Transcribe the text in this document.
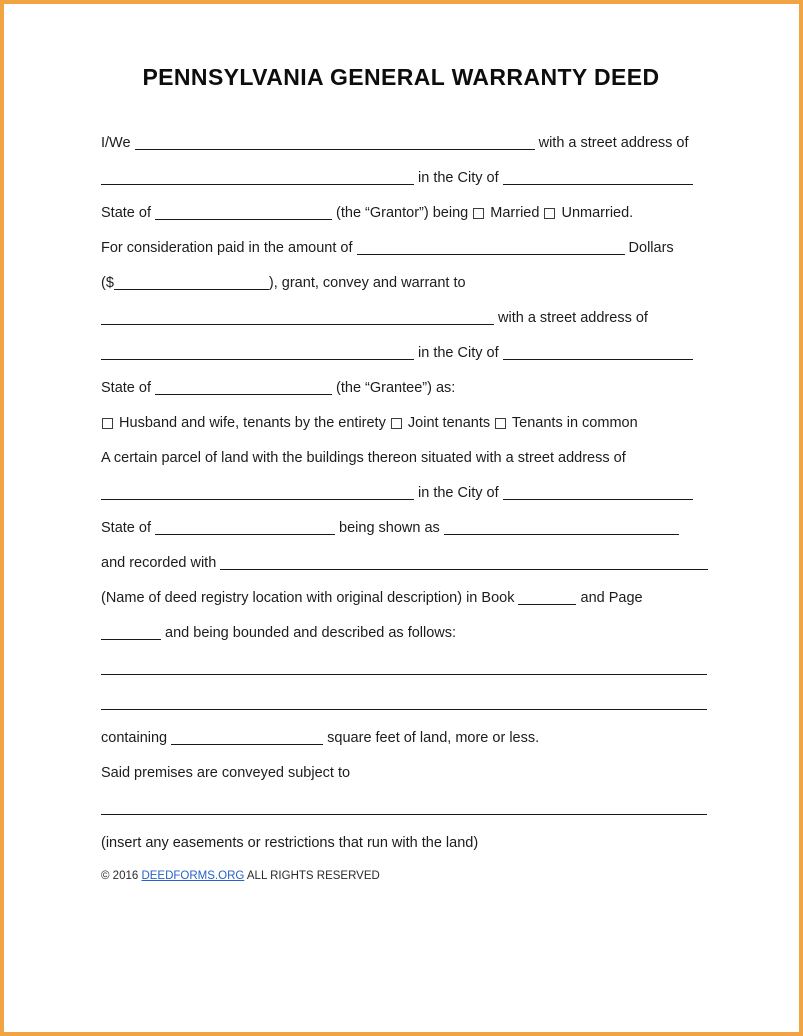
PENNSYLVANIA GENERAL WARRANTY DEED
I/We	with a street address of
in the City of
State of	(the “Grantor”) being  Married  Unmarried.
For consideration paid in the amount of	Dollars
($	), grant, convey and warrant to
with a street address of
in the City of
State of	(the “Grantee”) as:
Husband and wife, tenants by the entirety  Joint tenants  Tenants in common
A certain parcel of land with the buildings thereon situated with a street address of
in the City of
State of	being shown as
and recorded with
(Name of deed registry location with original description) in Book	and Page
and being bounded and described as follows:
containing	square feet of land, more or less.
Said premises are conveyed subject to
(insert any easements or restrictions that run with the land)
© 2016 DEEDFORMS.ORG ALL RIGHTS RESERVED
